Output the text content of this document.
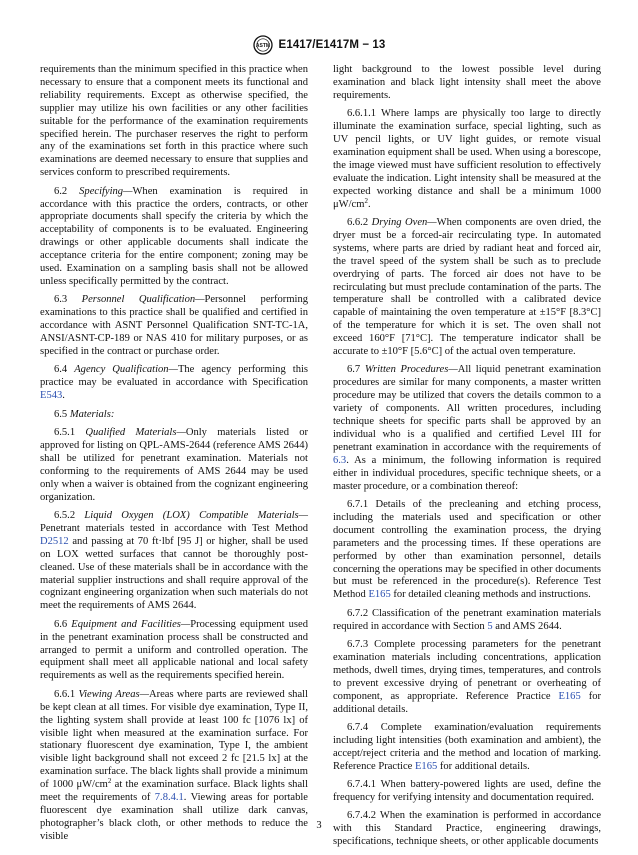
ASTM E1417/E1417M − 13

requirements than the minimum specified in this practice when necessary to ensure that a component meets its functional and reliability requirements. Except as otherwise specified, the supplier may utilize his own facilities or any other facilities suitable for the performance of the examination requirements specified herein. The purchaser reserves the right to perform any of the examinations set forth in this practice where such examinations are deemed necessary to ensure that supplies and services conform to prescribed requirements.

6.2 Specifying—When examination is required in accordance with this practice the orders, contracts, or other appropriate documents shall specify the criteria by which the acceptability of components is to be evaluated. Engineering drawings or other applicable documents shall indicate the acceptance criteria for the entire component; zoning may be used. Examination on a sampling basis shall not be allowed unless specifically permitted by the contract.

6.3 Personnel Qualification—Personnel performing examinations to this practice shall be qualified and certified in accordance with ASNT Personnel Qualification SNT-TC-1A, ANSI/ASNT-CP-189 or NAS 410 for military purposes, or as specified in the contract or purchase order.

6.4 Agency Qualification—The agency performing this practice may be evaluated in accordance with Specification E543.

6.5 Materials:

6.5.1 Qualified Materials—Only materials listed or approved for listing on QPL-AMS-2644 (reference AMS 2644) shall be utilized for penetrant examination. Materials not conforming to the requirements of AMS 2644 may be used only when a waiver is obtained from the cognizant engineering organization.

6.5.2 Liquid Oxygen (LOX) Compatible Materials—Penetrant materials tested in accordance with Test Method D2512 and passing at 70 ft·lbf [95 J] or higher, shall be used on LOX wetted surfaces that cannot be thoroughly post-cleaned. Use of these materials shall be in accordance with the material supplier instructions and shall require approval of the cognizant engineering organization when such materials do not meet the requirements of AMS 2644.

6.6 Equipment and Facilities—Processing equipment used in the penetrant examination process shall be constructed and arranged to permit a uniform and controlled operation. The equipment shall meet all applicable national and local safety requirements as well as the requirements specified herein.

6.6.1 Viewing Areas—Areas where parts are reviewed shall be kept clean at all times. For visible dye examination, Type II, the lighting system shall provide at least 100 fc [1076 lx] of visible light when measured at the examination surface. For stationary fluorescent dye examination, Type I, the ambient visible light background shall not exceed 2 fc [21.5 lx] at the examination surface. The black lights shall provide a minimum of 1000 $\mu W/cm^2$ at the examination surface. Black lights shall meet the requirements of 7.8.4.1. Viewing areas for portable fluorescent dye examination shall utilize dark canvas, photographer’s black cloth, or other methods to reduce the visible

light background to the lowest possible level during examination and black light intensity shall meet the above requirements.

6.6.1.1 Where lamps are physically too large to directly illuminate the examination surface, special lighting, such as UV pencil lights, or UV light guides, or remote visual examination equipment shall be used. When using a borescope, the image viewed must have sufficient resolution to effectively evaluate the indication. Light intensity shall be measured at the expected working distance and shall be a minimum 1000 $\mu W/cm^2$.

6.6.2 Drying Oven—When components are oven dried, the dryer must be a forced-air recirculating type. In automated systems, where parts are dried by radiant heat and forced air, the travel speed of the system shall be such as to preclude overdrying of parts. The forced air does not have to be recirculating but must preclude contamination of the parts. The temperature shall be controlled with a calibrated device capable of maintaining the oven temperature at ±15°F [8.3°C] of the temperature for which it is set. The oven shall not exceed 160°F [71°C]. The temperature indicator shall be accurate to ±10°F [5.6°C] of the actual oven temperature.

6.7 Written Procedures—All liquid penetrant examination procedures are similar for many components, a master written procedure may be utilized that covers the details common to a variety of components. All written procedures, including technique sheets for specific parts shall be approved by an individual who is a qualified and certified Level III for penetrant examination in accordance with the requirements of 6.3. As a minimum, the following information is required either in individual procedures, specific technique sheets, or a master procedure, or a combination thereof:

6.7.1 Details of the precleaning and etching process, including the materials used and specification or other document controlling the examination process, the drying parameters and the processing times. If these operations are performed by other than examination personnel, details concerning the operations may be specified in other documents but must be referenced in the procedure(s). Reference Test Method E165 for detailed cleaning methods and instructions.

6.7.2 Classification of the penetrant examination materials required in accordance with Section 5 and AMS 2644.

6.7.3 Complete processing parameters for the penetrant examination materials including concentrations, application methods, dwell times, drying times, temperatures, and controls to prevent excessive drying of penetrant or overheating of component, as appropriate. Reference Practice E165 for additional details.

6.7.4 Complete examination/evaluation requirements including light intensities (both examination and ambient), the accept/reject criteria and the method and location of marking. Reference Practice E165 for additional details.

6.7.4.1 When battery-powered lights are used, define the frequency for verifying intensity and documentation required.

6.7.4.2 When the examination is performed in accordance with this Standard Practice, engineering drawings, specifications, technique sheets, or other applicable documents

3
